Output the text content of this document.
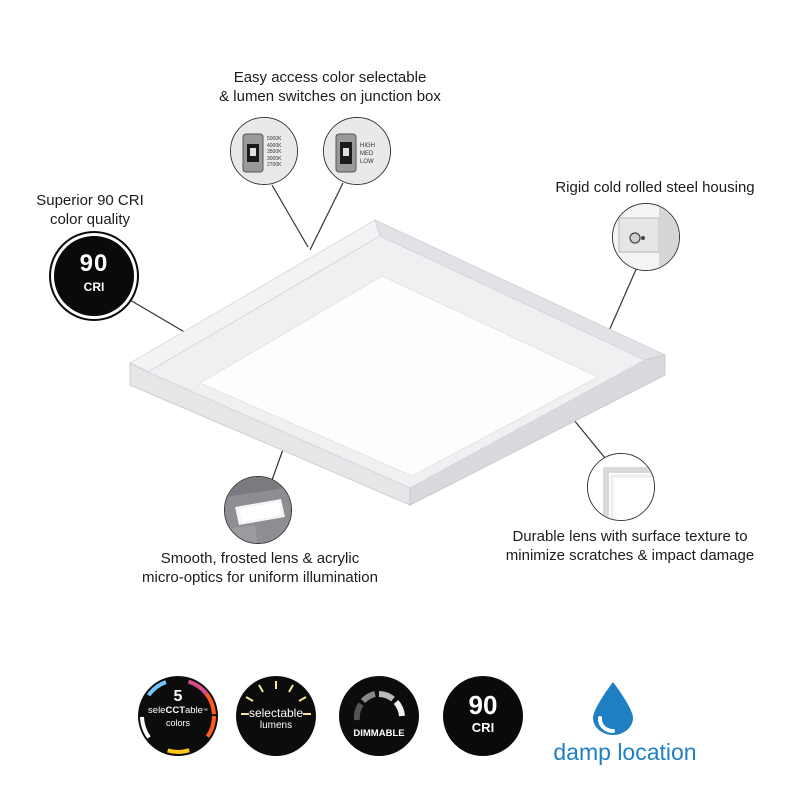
Easy access color selectable
& lumen switches on junction box
5000K
4000K
3500K
3000K
2700K
HIGH
MED
LOW
Superior 90 CRI
color quality
90
CRI
Rigid cold rolled steel housing
Smooth, frosted lens & acrylic
micro-optics for uniform illumination
Durable lens with surface texture to
minimize scratches & impact damage
5
seleCCTable™
colors
selectable
lumens
DIMMABLE
90
CRI
damp location
